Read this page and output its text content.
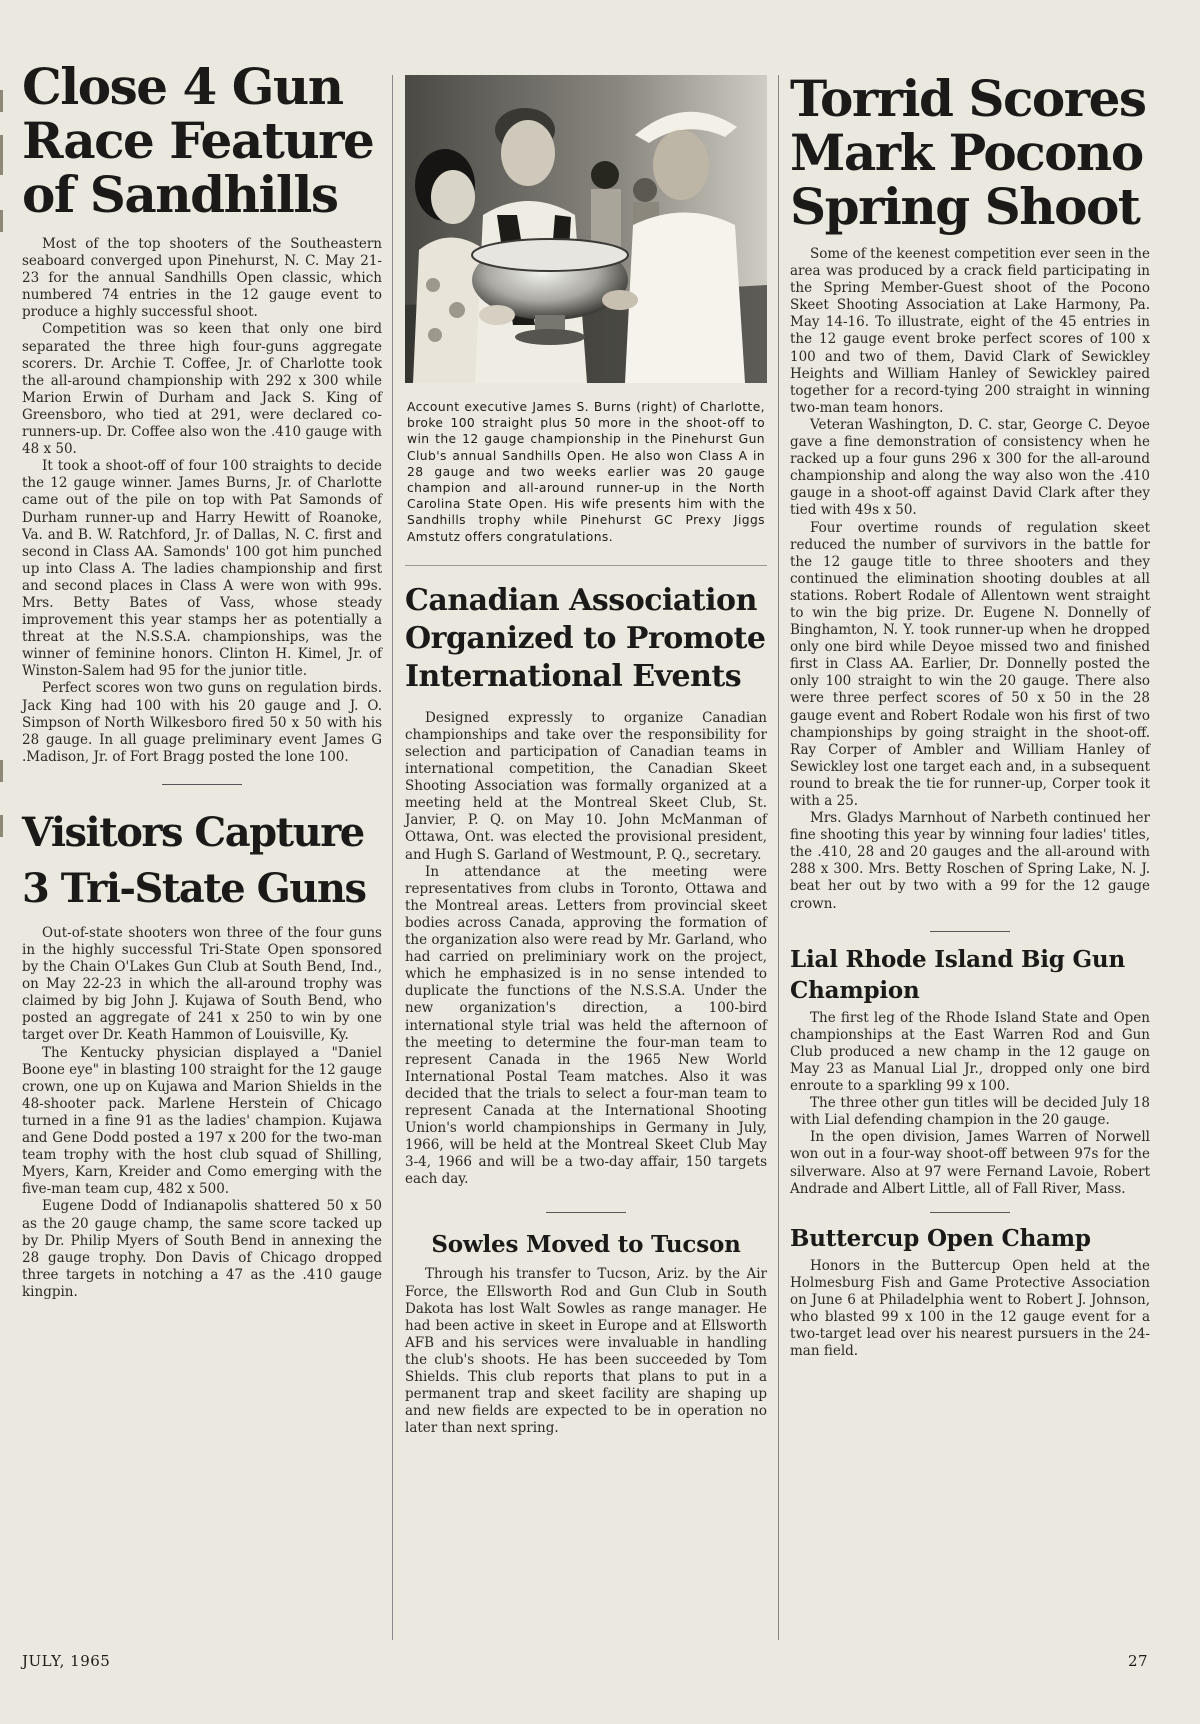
Close 4 Gun Race Feature of Sandhills

Most of the top shooters of the Southeastern seaboard converged upon Pinehurst, N. C. May 21-23 for the annual Sandhills Open classic, which numbered 74 entries in the 12 gauge event to produce a highly successful shoot.

Competition was so keen that only one bird separated the three high four-guns aggregate scorers. Dr. Archie T. Coffee, Jr. of Charlotte took the all-around championship with 292 x 300 while Marion Erwin of Durham and Jack S. King of Greensboro, who tied at 291, were declared co-runners-up. Dr. Coffee also won the .410 gauge with 48 x 50.

It took a shoot-off of four 100 straights to decide the 12 gauge winner. James Burns, Jr. of Charlotte came out of the pile on top with Pat Samonds of Durham runner-up and Harry Hewitt of Roanoke, Va. and B. W. Ratchford, Jr. of Dallas, N. C. first and second in Class AA. Samonds' 100 got him punched up into Class A. The ladies championship and first and second places in Class A were won with 99s. Mrs. Betty Bates of Vass, whose steady improvement this year stamps her as potentially a threat at the N.S.S.A. championships, was the winner of feminine honors. Clinton H. Kimel, Jr. of Winston-Salem had 95 for the junior title.

Perfect scores won two guns on regulation birds. Jack King had 100 with his 20 gauge and J. O. Simpson of North Wilkesboro fired 50 x 50 with his 28 gauge. In all guage preliminary event James G .Madison, Jr. of Fort Bragg posted the lone 100.

Visitors Capture 3 Tri-State Guns

Out-of-state shooters won three of the four guns in the highly successful Tri-State Open sponsored by the Chain O'Lakes Gun Club at South Bend, Ind., on May 22-23 in which the all-around trophy was claimed by big John J. Kujawa of South Bend, who posted an aggregate of 241 x 250 to win by one target over Dr. Keath Hammon of Louisville, Ky.

The Kentucky physician displayed a "Daniel Boone eye" in blasting 100 straight for the 12 gauge crown, one up on Kujawa and Marion Shields in the 48-shooter pack. Marlene Herstein of Chicago turned in a fine 91 as the ladies' champion. Kujawa and Gene Dodd posted a 197 x 200 for the two-man team trophy with the host club squad of Shilling, Myers, Karn, Kreider and Como emerging with the five-man team cup, 482 x 500.

Eugene Dodd of Indianapolis shattered 50 x 50 as the 20 gauge champ, the same score tacked up by Dr. Philip Myers of South Bend in annexing the 28 gauge trophy. Don Davis of Chicago dropped three targets in notching a 47 as the .410 gauge kingpin.

Account executive James S. Burns (right) of Charlotte, broke 100 straight plus 50 more in the shoot-off to win the 12 gauge championship in the Pinehurst Gun Club's annual Sandhills Open. He also won Class A in 28 gauge and two weeks earlier was 20 gauge champion and all-around runner-up in the North Carolina State Open. His wife presents him with the Sandhills trophy while Pinehurst GC Prexy Jiggs Amstutz offers congratulations.

Canadian Association Organized to Promote International Events

Designed expressly to organize Canadian championships and take over the responsibility for selection and participation of Canadian teams in international competition, the Canadian Skeet Shooting Association was formally organized at a meeting held at the Montreal Skeet Club, St. Janvier, P. Q. on May 10. John McManman of Ottawa, Ont. was elected the provisional president, and Hugh S. Garland of Westmount, P. Q., secretary.

In attendance at the meeting were representatives from clubs in Toronto, Ottawa and the Montreal areas. Letters from provincial skeet bodies across Canada, approving the formation of the organization also were read by Mr. Garland, who had carried on preliminiary work on the project, which he emphasized is in no sense intended to duplicate the functions of the N.S.S.A. Under the new organization's direction, a 100-bird international style trial was held the afternoon of the meeting to determine the four-man team to represent Canada in the 1965 New World International Postal Team matches. Also it was decided that the trials to select a four-man team to represent Canada at the International Shooting Union's world championships in Germany in July, 1966, will be held at the Montreal Skeet Club May 3-4, 1966 and will be a two-day affair, 150 targets each day.

Sowles Moved to Tucson

Through his transfer to Tucson, Ariz. by the Air Force, the Ellsworth Rod and Gun Club in South Dakota has lost Walt Sowles as range manager. He had been active in skeet in Europe and at Ellsworth AFB and his services were invaluable in handling the club's shoots. He has been succeeded by Tom Shields. This club reports that plans to put in a permanent trap and skeet facility are shaping up and new fields are expected to be in operation no later than next spring.

Torrid Scores Mark Pocono Spring Shoot

Some of the keenest competition ever seen in the area was produced by a crack field participating in the Spring Member-Guest shoot of the Pocono Skeet Shooting Association at Lake Harmony, Pa. May 14-16. To illustrate, eight of the 45 entries in the 12 gauge event broke perfect scores of 100 x 100 and two of them, David Clark of Sewickley Heights and William Hanley of Sewickley paired together for a record-tying 200 straight in winning two-man team honors.

Veteran Washington, D. C. star, George C. Deyoe gave a fine demonstration of consistency when he racked up a four guns 296 x 300 for the all-around championship and along the way also won the .410 gauge in a shoot-off against David Clark after they tied with 49s x 50.

Four overtime rounds of regulation skeet reduced the number of survivors in the battle for the 12 gauge title to three shooters and they continued the elimination shooting doubles at all stations. Robert Rodale of Allentown went straight to win the big prize. Dr. Eugene N. Donnelly of Binghamton, N. Y. took runner-up when he dropped only one bird while Deyoe missed two and finished first in Class AA. Earlier, Dr. Donnelly posted the only 100 straight to win the 20 gauge. There also were three perfect scores of 50 x 50 in the 28 gauge event and Robert Rodale won his first of two championships by going straight in the shoot-off. Ray Corper of Ambler and William Hanley of Sewickley lost one target each and, in a subsequent round to break the tie for runner-up, Corper took it with a 25.

Mrs. Gladys Marnhout of Narbeth continued her fine shooting this year by winning four ladies' titles, the .410, 28 and 20 gauges and the all-around with 288 x 300. Mrs. Betty Roschen of Spring Lake, N. J. beat her out by two with a 99 for the 12 gauge crown.

Lial Rhode Island Big Gun Champion

The first leg of the Rhode Island State and Open championships at the East Warren Rod and Gun Club produced a new champ in the 12 gauge on May 23 as Manual Lial Jr., dropped only one bird enroute to a sparkling 99 x 100.

The three other gun titles will be decided July 18 with Lial defending champion in the 20 gauge.

In the open division, James Warren of Norwell won out in a four-way shoot-off between 97s for the silverware. Also at 97 were Fernand Lavoie, Robert Andrade and Albert Little, all of Fall River, Mass.

Buttercup Open Champ

Honors in the Buttercup Open held at the Holmesburg Fish and Game Protective Association on June 6 at Philadelphia went to Robert J. Johnson, who blasted 99 x 100 in the 12 gauge event for a two-target lead over his nearest pursuers in the 24-man field.

JULY, 1965	27
